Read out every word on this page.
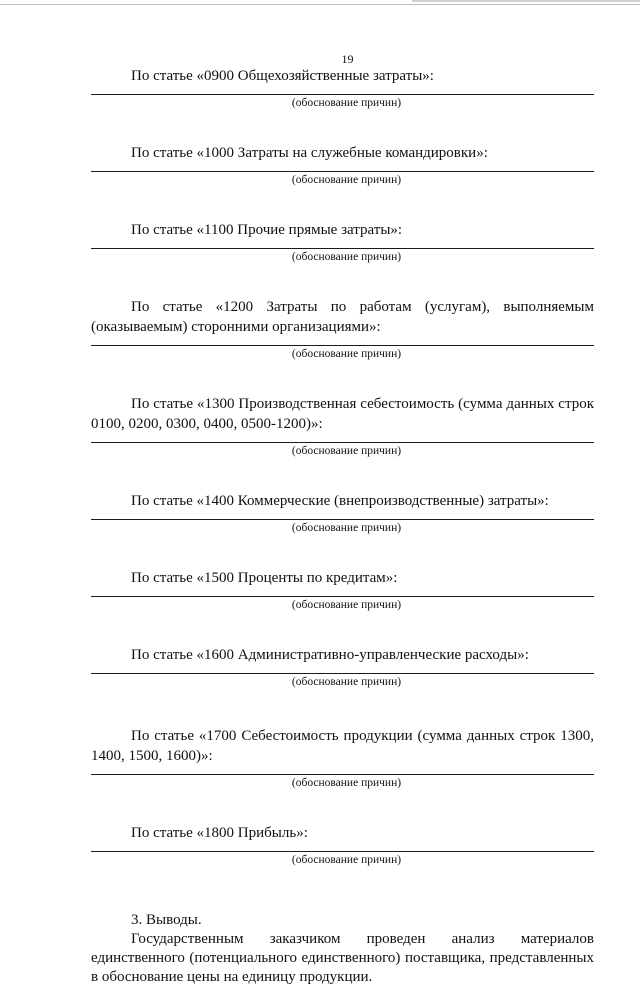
19

По статье «0900 Общехозяйственные затраты»:

(обоснование причин)

По статье «1000 Затраты на служебные командировки»:

(обоснование причин)

По статье «1100 Прочие прямые затраты»:

(обоснование причин)

По статье «1200 Затраты по работам (услугам), выполняемым (оказываемым) сторонними организациями»:

(обоснование причин)

По статье «1300 Производственная себестоимость (сумма данных строк 0100, 0200, 0300, 0400, 0500-1200)»:

(обоснование причин)

По статье «1400 Коммерческие (внепроизводственные) затраты»:

(обоснование причин)

По статье «1500 Проценты по кредитам»:

(обоснование причин)

По статье «1600 Административно-управленческие расходы»:

(обоснование причин)

По статье «1700 Себестоимость продукции (сумма данных строк 1300, 1400, 1500, 1600)»:

(обоснование причин)

По статье «1800 Прибыль»:

(обоснование причин)

3. Выводы.

Государственным заказчиком проведен анализ материалов единственного (потенциального единственного) поставщика, представленных в обоснование цены на единицу продукции.
